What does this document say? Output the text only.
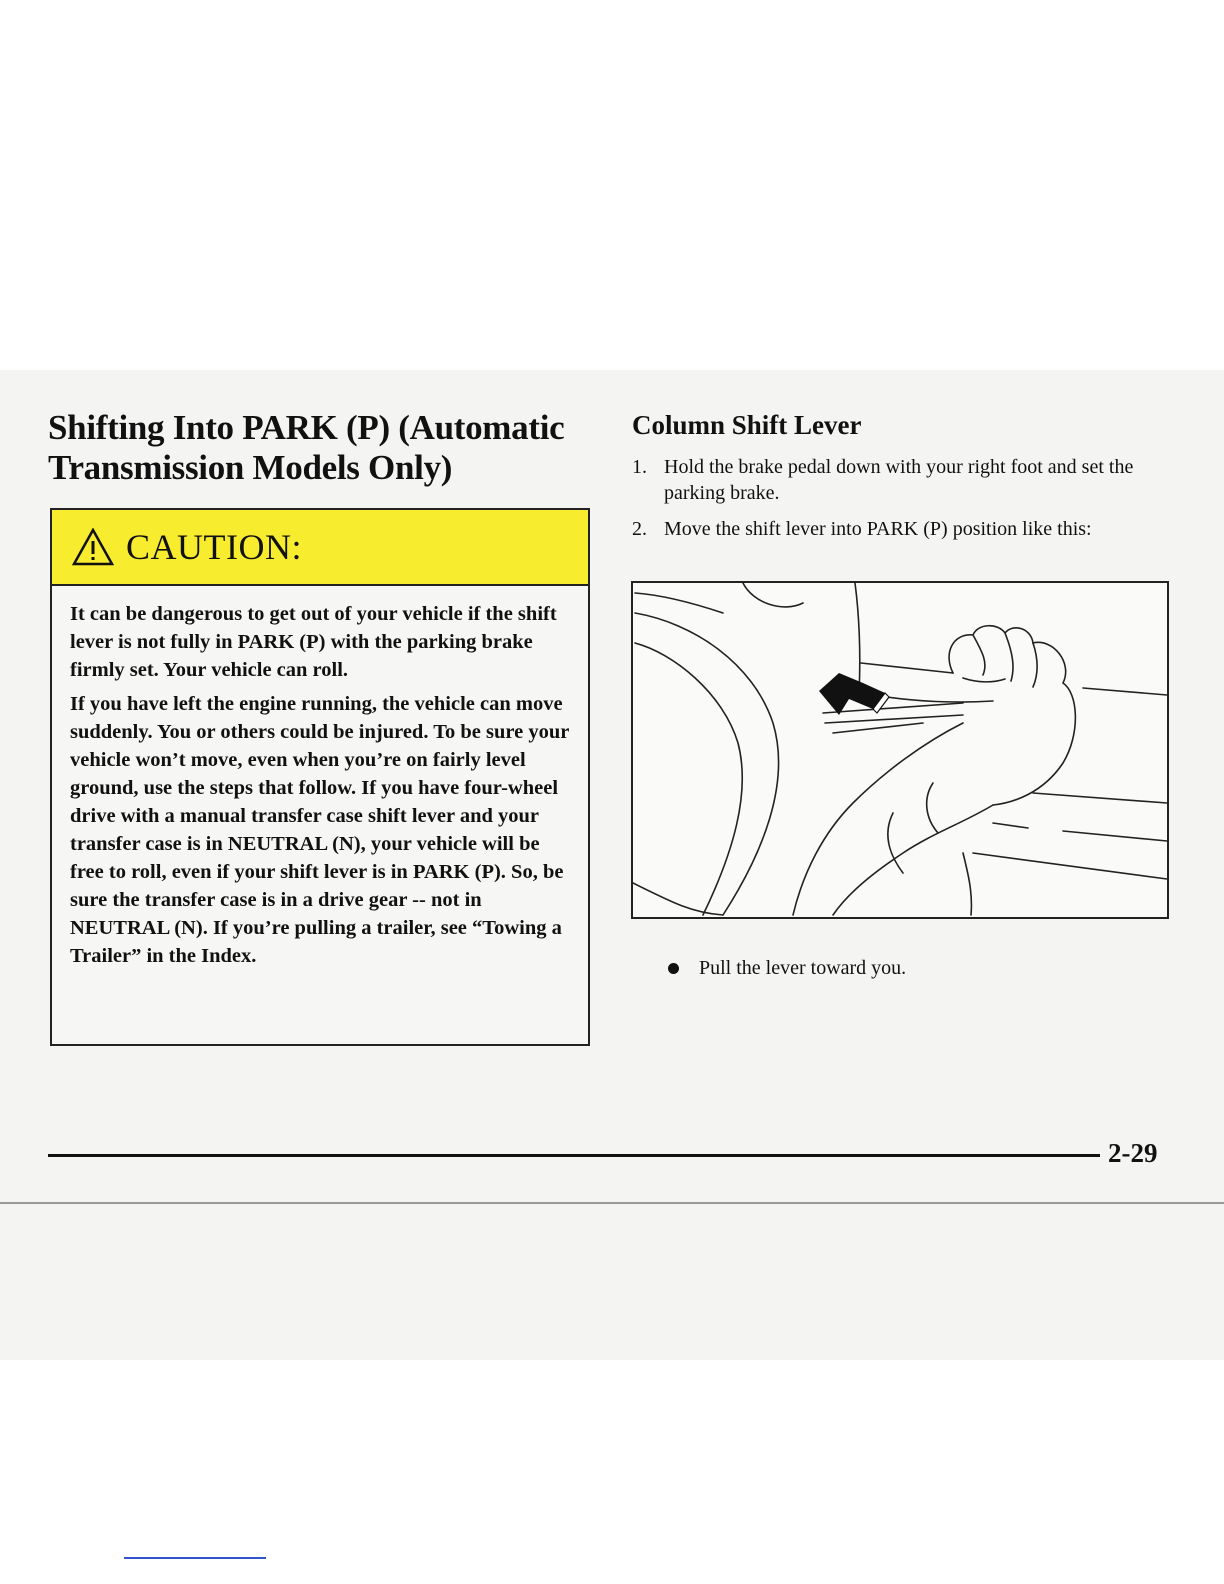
Shifting Into PARK (P) (Automatic Transmission Models Only)
CAUTION:

It can be dangerous to get out of your vehicle if the shift lever is not fully in PARK (P) with the parking brake firmly set. Your vehicle can roll.

If you have left the engine running, the vehicle can move suddenly. You or others could be injured. To be sure your vehicle won’t move, even when you’re on fairly level ground, use the steps that follow. If you have four-wheel drive with a manual transfer case shift lever and your transfer case is in NEUTRAL (N), your vehicle will be free to roll, even if your shift lever is in PARK (P). So, be sure the transfer case is in a drive gear -- not in NEUTRAL (N). If you’re pulling a trailer, see “Towing a Trailer” in the Index.

Column Shift Lever
1. Hold the brake pedal down with your right foot and set the parking brake.
2. Move the shift lever into PARK (P) position like this:
Pull the lever toward you.
2-29
